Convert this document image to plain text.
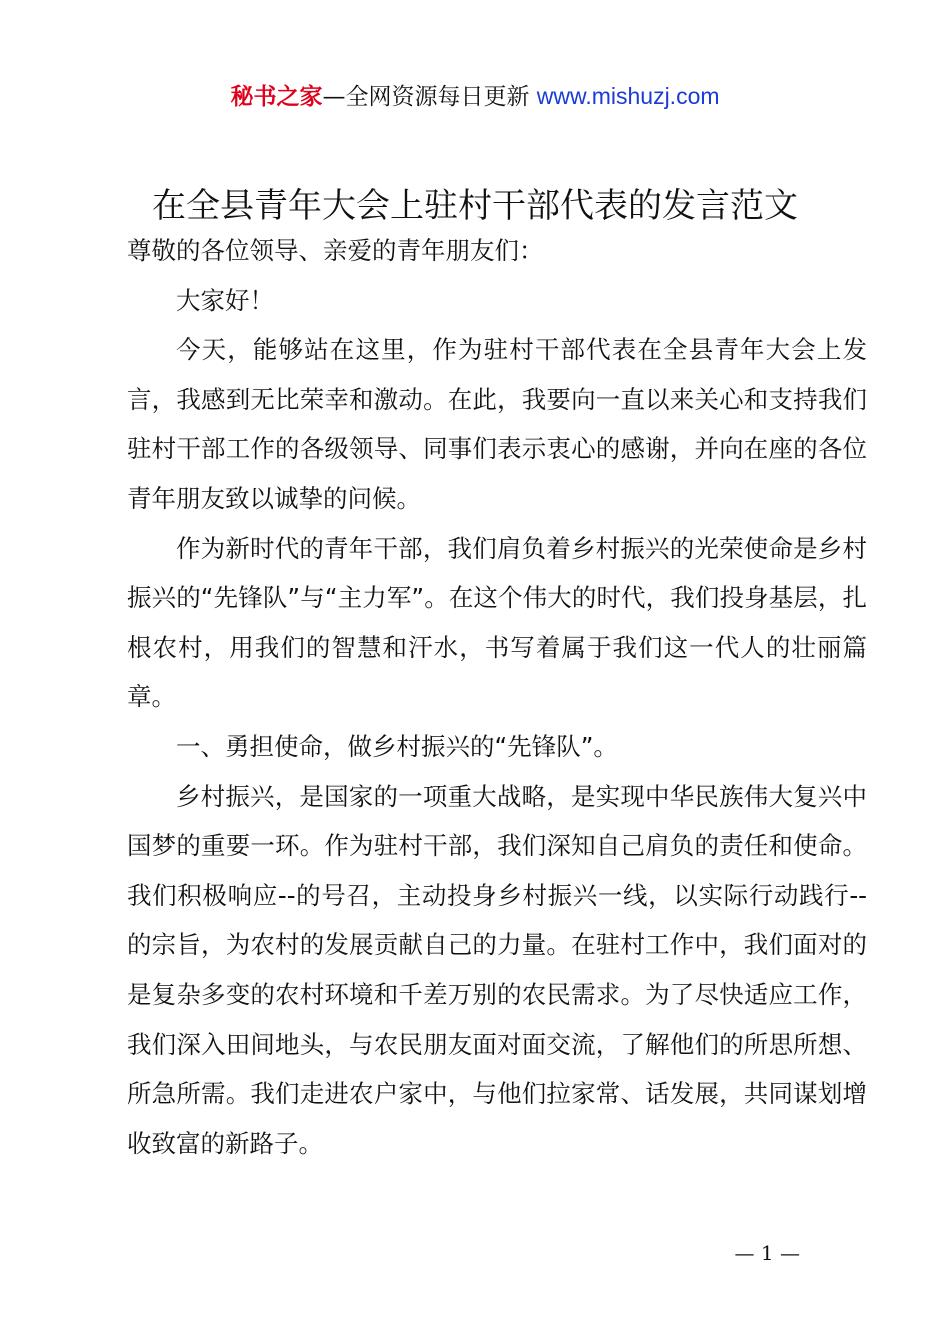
秘书之家—全网资源每日更新 www.mishuzj.com
在全县青年大会上驻村干部代表的发言范文

尊敬的各位领导、亲爱的青年朋友们：

大家好！

今天，能够站在这里，作为驻村干部代表在全县青年大会上发言，我感到无比荣幸和激动。在此，我要向一直以来关心和支持我们驻村干部工作的各级领导、同事们表示衷心的感谢，并向在座的各位青年朋友致以诚挚的问候。

作为新时代的青年干部，我们肩负着乡村振兴的光荣使命是乡村振兴的“先锋队”与“主力军”。在这个伟大的时代，我们投身基层，扎根农村，用我们的智慧和汗水，书写着属于我们这一代人的壮丽篇章。

一、勇担使命，做乡村振兴的“先锋队”。

乡村振兴，是国家的一项重大战略，是实现中华民族伟大复兴中国梦的重要一环。作为驻村干部，我们深知自己肩负的责任和使命。我们积极响应--的号召，主动投身乡村振兴一线，以实际行动践行--的宗旨，为农村的发展贡献自己的力量。在驻村工作中，我们面对的是复杂多变的农村环境和千差万别的农民需求。为了尽快适应工作，我们深入田间地头，与农民朋友面对面交流，了解他们的所思所想、所急所需。我们走进农户家中，与他们拉家常、话发展，共同谋划增收致富的新路子。

— 1 —
